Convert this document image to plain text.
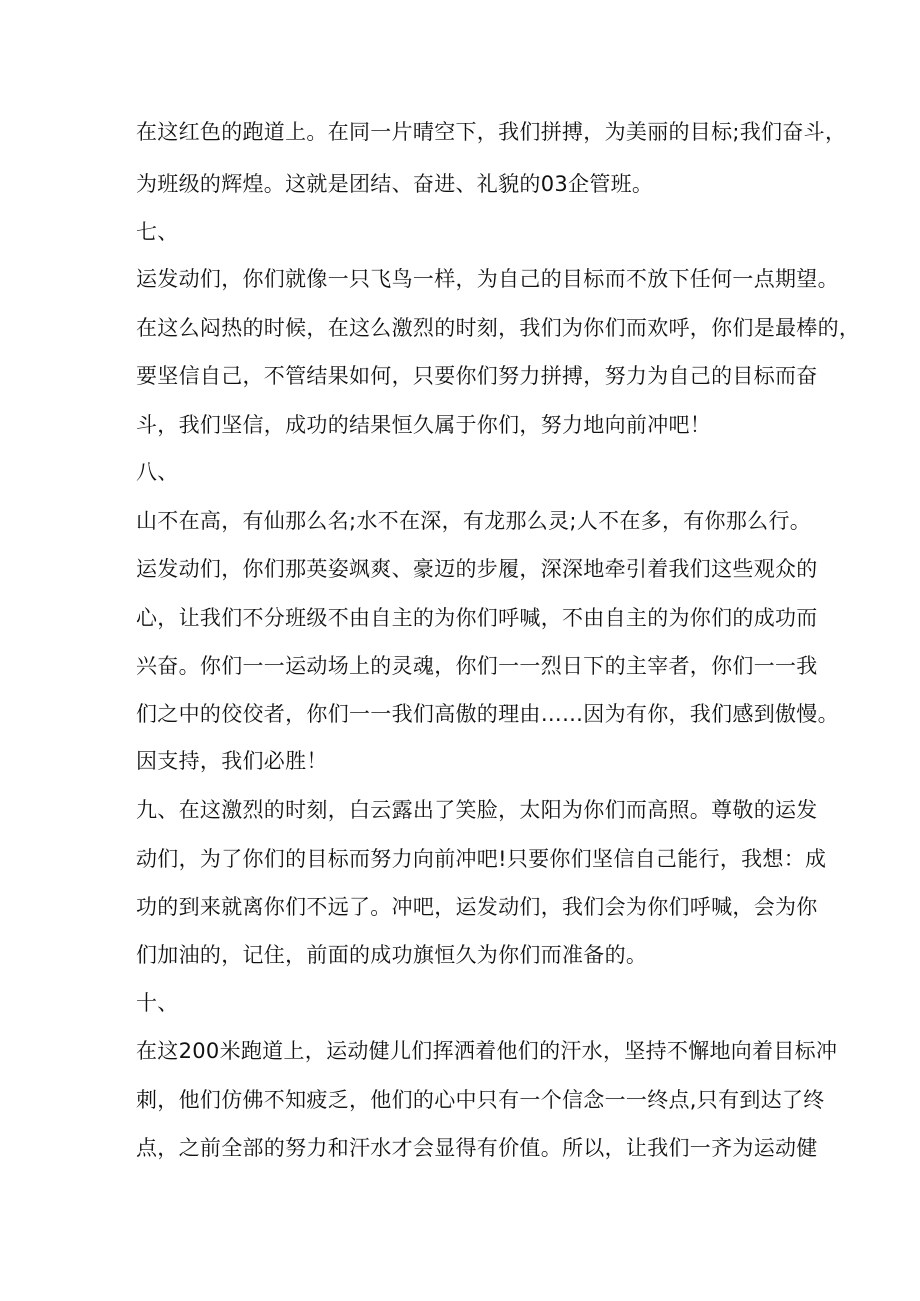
在这红色的跑道上。在同一片晴空下，我们拼搏，为美丽的目标;我们奋斗，
为班级的辉煌。这就是团结、奋进、礼貌的03企管班。
七、
运发动们，你们就像一只飞鸟一样，为自己的目标而不放下任何一点期望。
在这么闷热的时候，在这么激烈的时刻，我们为你们而欢呼，你们是最棒的，
要坚信自己，不管结果如何，只要你们努力拼搏，努力为自己的目标而奋
斗，我们坚信，成功的结果恒久属于你们，努力地向前冲吧！
八、
山不在高，有仙那么名;水不在深，有龙那么灵;人不在多，有你那么行。
运发动们，你们那英姿飒爽、豪迈的步履，深深地牵引着我们这些观众的
心，让我们不分班级不由自主的为你们呼喊，不由自主的为你们的成功而
兴奋。你们一一运动场上的灵魂，你们一一烈日下的主宰者，你们一一我
们之中的佼佼者，你们一一我们高傲的理由……因为有你，我们感到傲慢。
因支持，我们必胜！
九、在这激烈的时刻，白云露出了笑脸，太阳为你们而高照。尊敬的运发
动们，为了你们的目标而努力向前冲吧!只要你们坚信自己能行，我想：成
功的到来就离你们不远了。冲吧，运发动们，我们会为你们呼喊，会为你
们加油的，记住，前面的成功旗恒久为你们而准备的。
十、
在这200米跑道上，运动健儿们挥洒着他们的汗水，坚持不懈地向着目标冲
刺，他们仿佛不知疲乏，他们的心中只有一个信念一一终点,只有到达了终
点，之前全部的努力和汗水才会显得有价值。所以，让我们一齐为运动健
